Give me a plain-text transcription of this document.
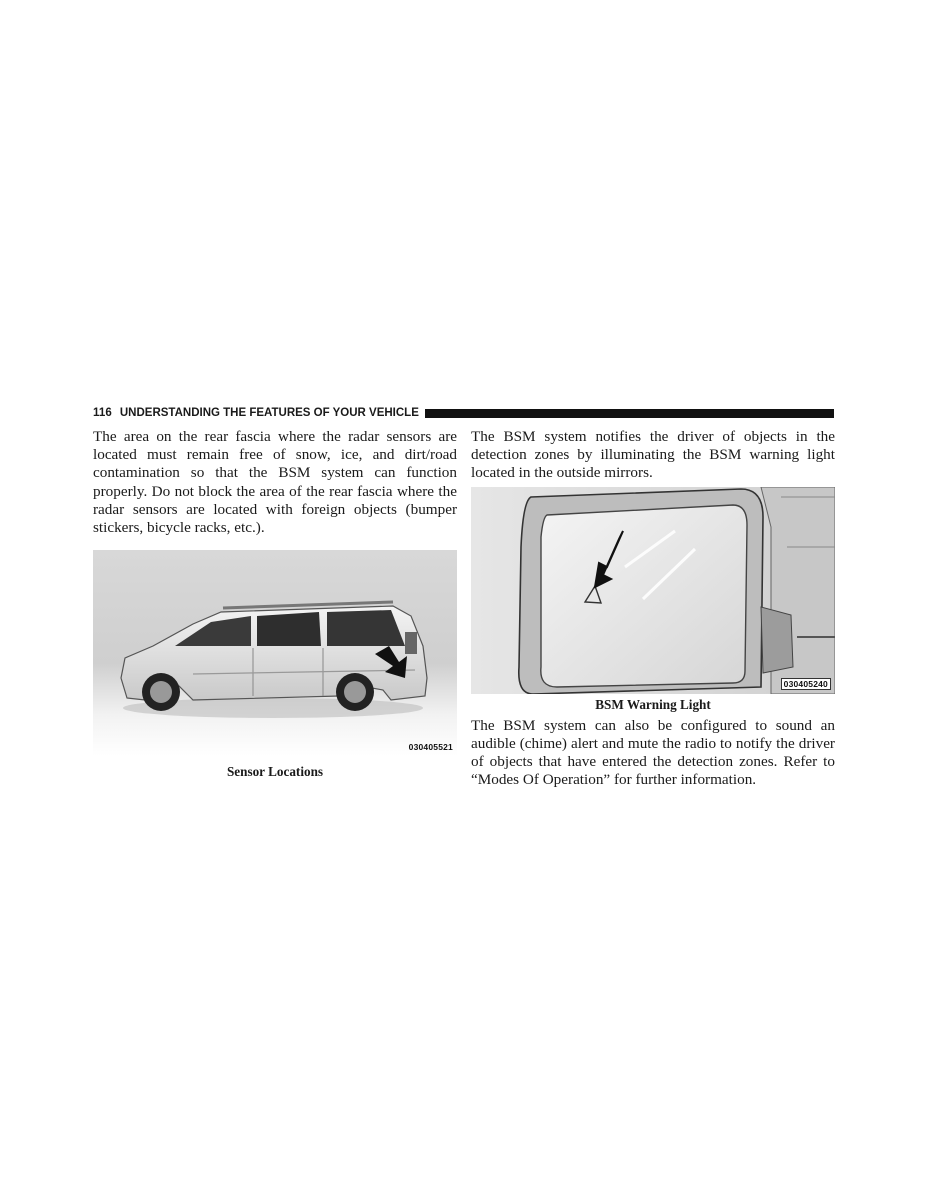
116 UNDERSTANDING THE FEATURES OF YOUR VEHICLE

The area on the rear fascia where the radar sensors are located must remain free of snow, ice, and dirt/road contamination so that the BSM system can function properly. Do not block the area of the rear fascia where the radar sensors are located with foreign objects (bumper stickers, bicycle racks, etc.).

030405521
Sensor Locations

The BSM system notifies the driver of objects in the detection zones by illuminating the BSM warning light located in the outside mirrors.

030405240
BSM Warning Light

The BSM system can also be configured to sound an audible (chime) alert and mute the radio to notify the driver of objects that have entered the detection zones. Refer to “Modes Of Operation” for further information.
